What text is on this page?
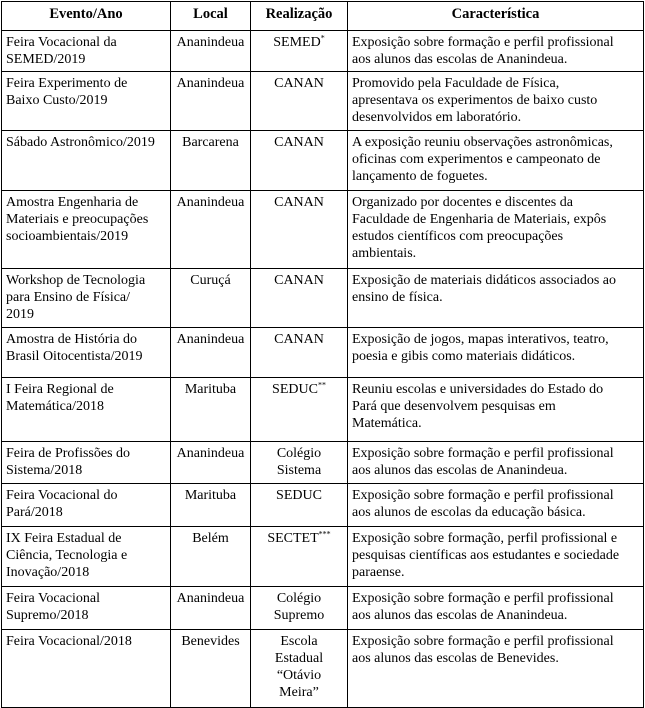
Evento/Ano	Local	Realização	Característica

Feira Vocacional da
SEMED/2019	Ananindeua	SEMED*	Exposição sobre formação e perfil profissional
aos alunos das escolas de Ananindeua.

Feira Experimento de
Baixo Custo/2019	Ananindeua	CANAN	Promovido pela Faculdade de Física,
apresentava os experimentos de baixo custo
desenvolvidos em laboratório.

Sábado Astronômico/2019	Barcarena	CANAN	A exposição reuniu observações astronômicas,
oficinas com experimentos e campeonato de
lançamento de foguetes.

Amostra Engenharia de
Materiais e preocupações
socioambientais/2019	Ananindeua	CANAN	Organizado por docentes e discentes da
Faculdade de Engenharia de Materiais, expôs
estudos científicos com preocupações
ambientais.

Workshop de Tecnologia
para Ensino de Física/
2019	Curuçá	CANAN	Exposição de materiais didáticos associados ao
ensino de física.

Amostra de História do
Brasil Oitocentista/2019	Ananindeua	CANAN	Exposição de jogos, mapas interativos, teatro,
poesia e gibis como materiais didáticos.

I Feira Regional de
Matemática/2018	Marituba	SEDUC**	Reuniu escolas e universidades do Estado do
Pará que desenvolvem pesquisas em
Matemática.

Feira de Profissões do
Sistema/2018	Ananindeua	Colégio
Sistema	Exposição sobre formação e perfil profissional
aos alunos das escolas de Ananindeua.

Feira Vocacional do
Pará/2018	Marituba	SEDUC	Exposição sobre formação e perfil profissional
aos alunos de escolas da educação básica.

IX Feira Estadual de
Ciência, Tecnologia e
Inovação/2018	Belém	SECTET***	Exposição sobre formação, perfil profissional e
pesquisas científicas aos estudantes e sociedade
paraense.

Feira Vocacional
Supremo/2018	Ananindeua	Colégio
Supremo	Exposição sobre formação e perfil profissional
aos alunos das escolas de Ananindeua.

Feira Vocacional/2018	Benevides	Escola
Estadual
“Otávio
Meira”	Exposição sobre formação e perfil profissional
aos alunos das escolas de Benevides.
